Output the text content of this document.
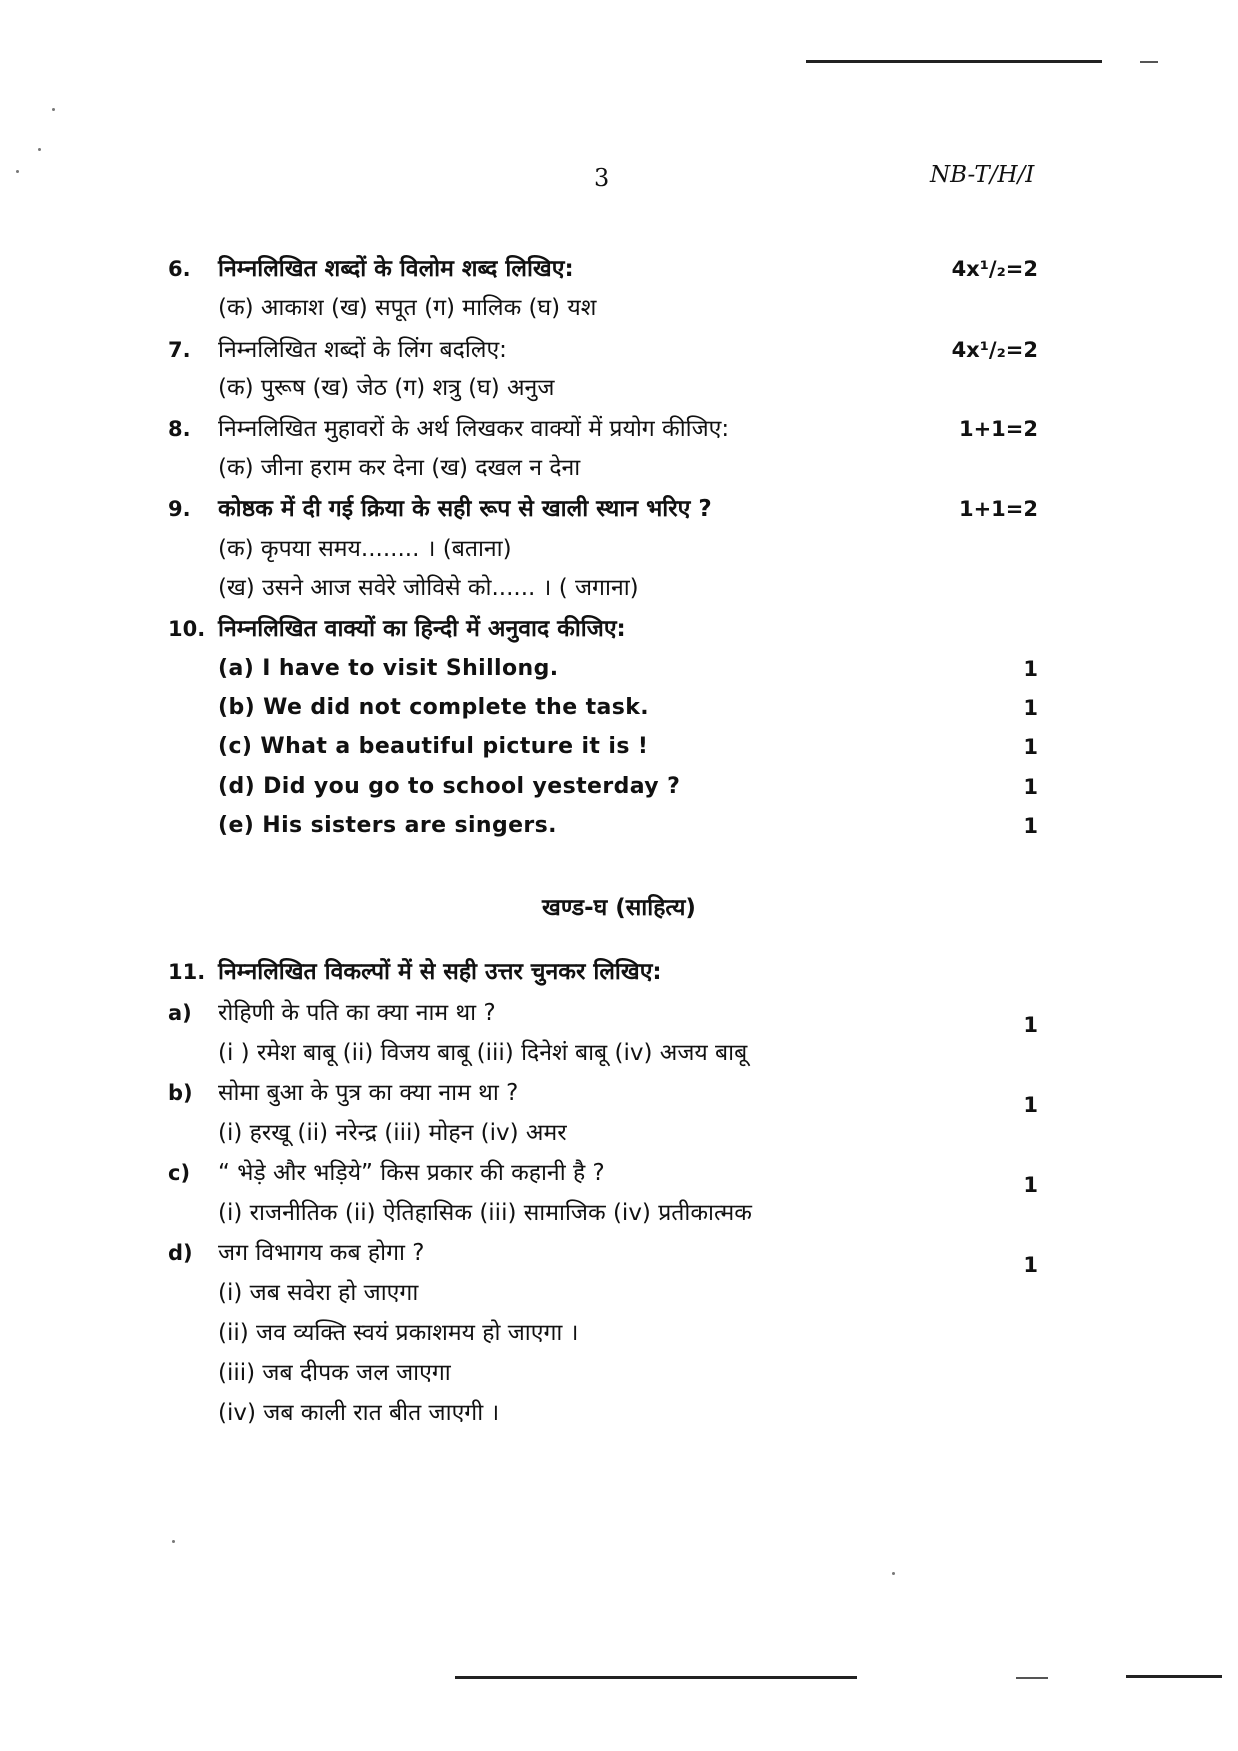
3	NB-T/H/I
6. निम्नलिखित शब्दों के विलोम शब्द लिखिए:	4x¹/₂=2
(क) आकाश (ख) सपूत (ग) मालिक (घ) यश
7. निम्नलिखित शब्दों के लिंग बदलिए:	4x¹/₂=2
(क) पुरूष (ख) जेठ (ग) शत्रु (घ) अनुज
8. निम्नलिखित मुहावरों के अर्थ लिखकर वाक्यों में प्रयोग कीजिए:	1+1=2
(क) जीना हराम कर देना (ख) दखल न देना
9. कोष्ठक में दी गई क्रिया के सही रूप से खाली स्थान भरिए ?	1+1=2
(क) कृपया समय........ । (बताना)
(ख) उसने आज सवेरे जोविसे को...... । ( जगाना)
10. निम्नलिखित वाक्यों का हिन्दी में अनुवाद कीजिए:
(a) I have to visit Shillong.	1
(b) We did not complete the task.	1
(c) What a beautiful picture it is !	1
(d) Did you go to school yesterday ?	1
(e) His sisters are singers.	1
खण्ड-घ (साहित्य)
11. निम्नलिखित विकल्पों में से सही उत्तर चुनकर लिखिए:
a) रोहिणी के पति का क्या नाम था ?	1
(i ) रमेश बाबू (ii) विजय बाबू (iii) दिनेशं बाबू (iv) अजय बाबू
b) सोमा बुआ के पुत्र का क्या नाम था ?	1
(i) हरखू (ii) नरेन्द्र (iii) मोहन (iv) अमर
c) “ भेड़े और भड़िये” किस प्रकार की कहानी है ?	1
(i) राजनीतिक (ii) ऐतिहासिक (iii) सामाजिक (iv) प्रतीकात्मक
d) जग विभागय कब होगा ?	1
(i) जब सवेरा हो जाएगा
(ii) जव व्यक्ति स्वयं प्रकाशमय हो जाएगा ।
(iii) जब दीपक जल जाएगा
(iv) जब काली रात बीत जाएगी ।
